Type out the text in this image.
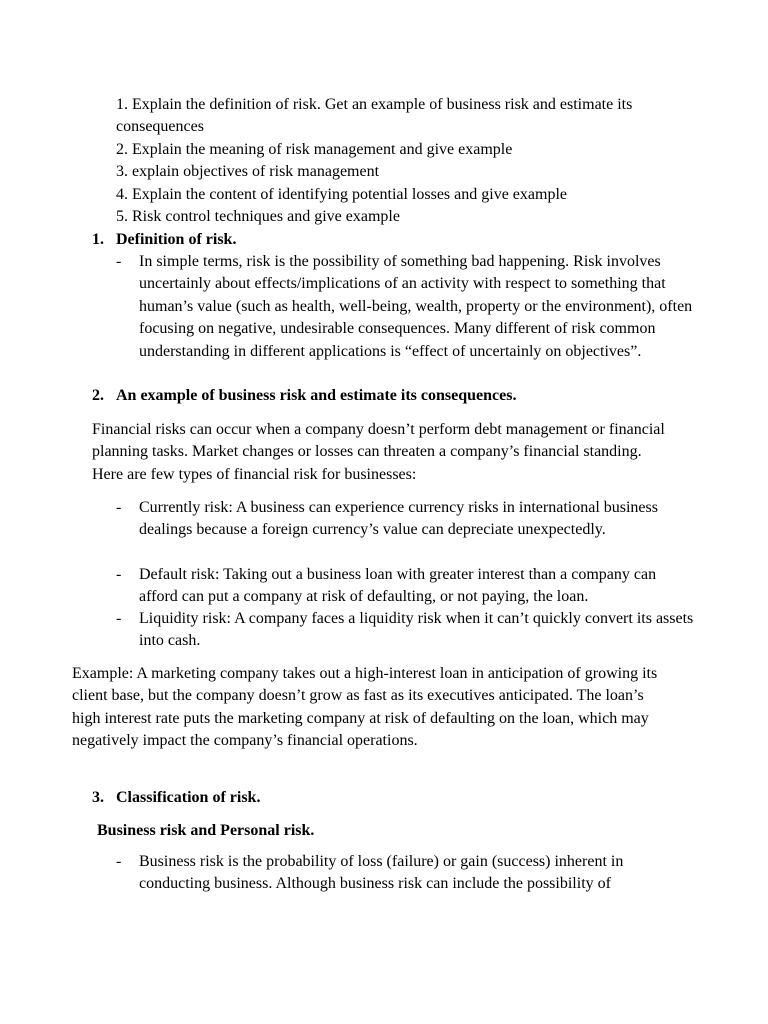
1. Explain the definition of risk. Get an example of business risk and estimate its consequences

2. Explain the meaning of risk management and give example

3. explain objectives of risk management

4. Explain the content of identifying potential losses and give example

5. Risk control techniques and give example

1. Definition of risk.
-	In simple terms, risk is the possibility of something bad happening. Risk involves uncertainly about effects/implications of an activity with respect to something that human’s value (such as health, well-being, wealth, property or the environment), often focusing on negative, undesirable consequences. Many different of risk common understanding in different applications is “effect of uncertainly on objectives”.
2. An example of business risk and estimate its consequences.
Financial risks can occur when a company doesn’t perform debt management or financial planning tasks. Market changes or losses can threaten a company’s financial standing. Here are few types of financial risk for businesses:
-	Currently risk: A business can experience currency risks in international business dealings because a foreign currency’s value can depreciate unexpectedly.
-	Default risk: Taking out a business loan with greater interest than a company can afford can put a company at risk of defaulting, or not paying, the loan.
-	Liquidity risk: A company faces a liquidity risk when it can’t quickly convert its assets into cash.
Example: A marketing company takes out a high-interest loan in anticipation of growing its client base, but the company doesn’t grow as fast as its executives anticipated. The loan’s high interest rate puts the marketing company at risk of defaulting on the loan, which may negatively impact the company’s financial operations.
3. Classification of risk.
Business risk and Personal risk.
-	Business risk is the probability of loss (failure) or gain (success) inherent in conducting business. Although business risk can include the possibility of
